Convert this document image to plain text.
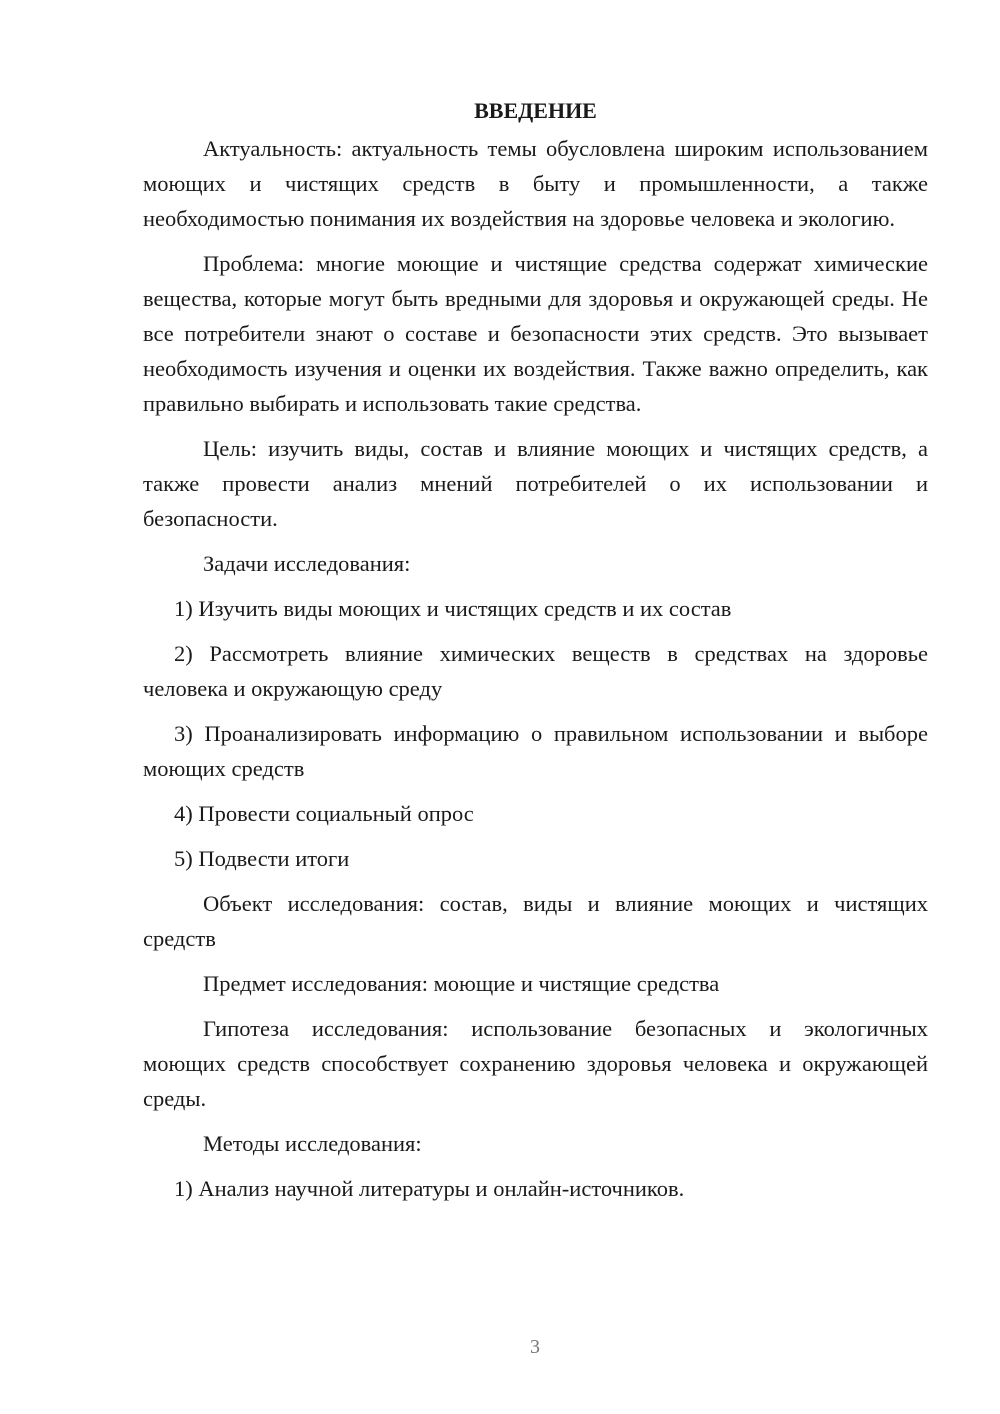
ВВЕДЕНИЕ

Актуальность: актуальность темы обусловлена широким использованием моющих и чистящих средств в быту и промышленности, а также необходимостью понимания их воздействия на здоровье человека и экологию.

Проблема: многие моющие и чистящие средства содержат химические вещества, которые могут быть вредными для здоровья и окружающей среды. Не все потребители знают о составе и безопасности этих средств. Это вызывает необходимость изучения и оценки их воздействия. Также важно определить, как правильно выбирать и использовать такие средства.

Цель: изучить виды, состав и влияние моющих и чистящих средств, а также провести анализ мнений потребителей о их использовании и безопасности.

Задачи исследования:

1) Изучить виды моющих и чистящих средств и их состав

2) Рассмотреть влияние химических веществ в средствах на здоровье человека и окружающую среду

3) Проанализировать информацию о правильном использовании и выборе моющих средств

4) Провести социальный опрос

5) Подвести итоги

Объект исследования: состав, виды и влияние моющих и чистящих средств

Предмет исследования: моющие и чистящие средства

Гипотеза исследования: использование безопасных и экологичных моющих средств способствует сохранению здоровья человека и окружающей среды.

Методы исследования:

1) Анализ научной литературы и онлайн-источников.

3
